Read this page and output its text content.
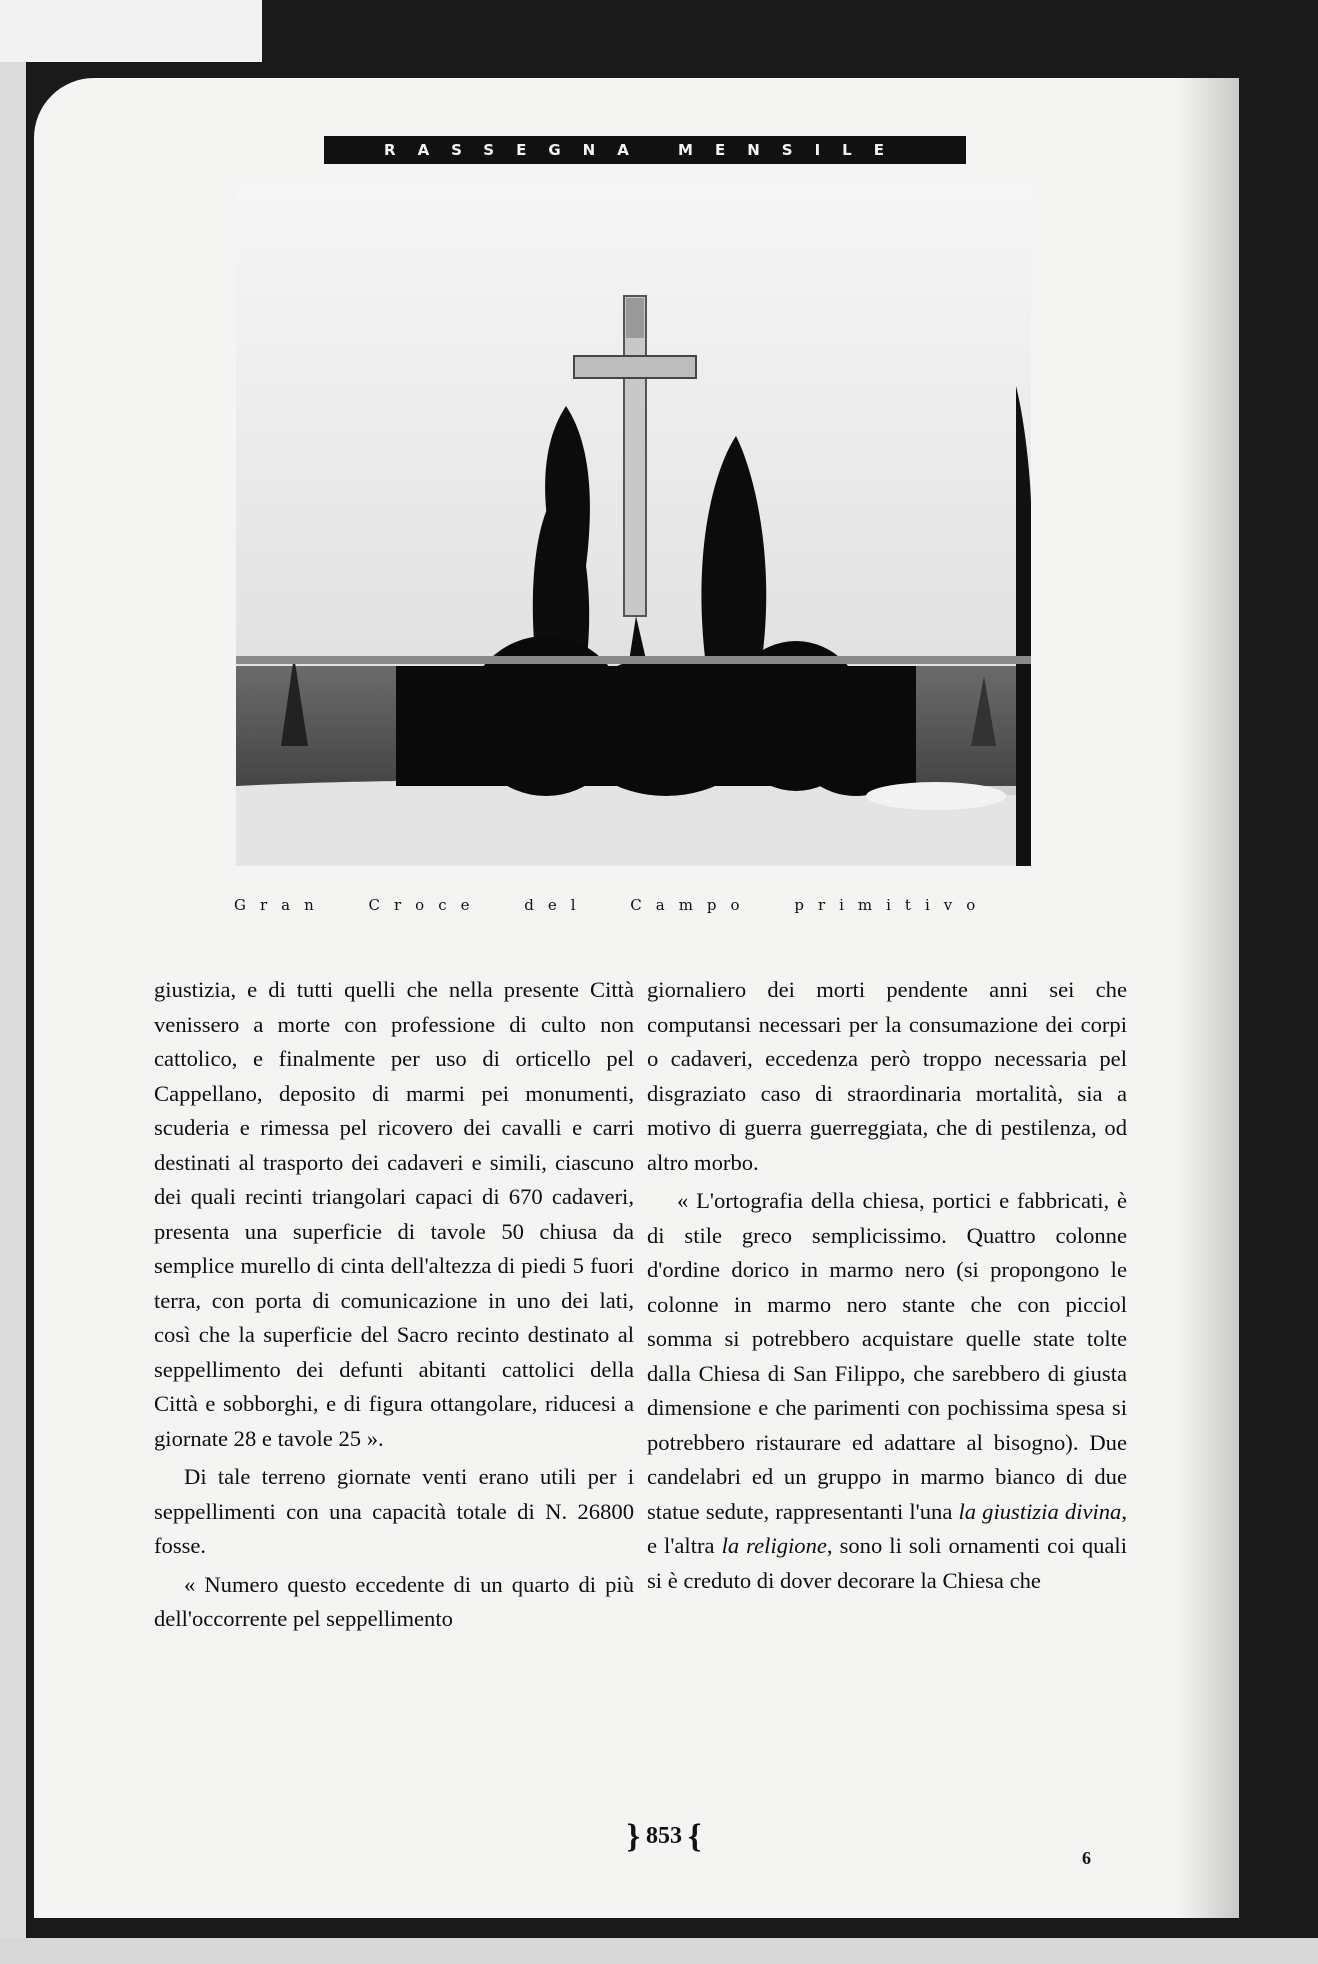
RASSEGNA MENSILE
Gran Croce del Campo primitivo

giustizia, e di tutti quelli che nella presente Città venissero a morte con professione di culto non cattolico, e finalmente per uso di orticello pel Cappellano, deposito di marmi pei monumenti, scuderia e rimessa pel ricovero dei cavalli e carri destinati al trasporto dei cadaveri e simili, ciascuno dei quali recinti triangolari capaci di 670 cadaveri, presenta una superficie di tavole 50 chiusa da semplice murello di cinta dell'altezza di piedi 5 fuori terra, con porta di comunicazione in uno dei lati, così che la superficie del Sacro recinto destinato al seppellimento dei defunti abitanti cattolici della Città e sobborghi, e di figura ottangolare, riducesi a giornate 28 e tavole 25 ».

Di tale terreno giornate venti erano utili per i seppellimenti con una capacità totale di N. 26800 fosse.

« Numero questo eccedente di un quarto di più dell'occorrente pel seppellimento

giornaliero dei morti pendente anni sei che computansi necessari per la consumazione dei corpi o cadaveri, eccedenza però troppo necessaria pel disgraziato caso di straordinaria mortalità, sia a motivo di guerra guerreggiata, che di pestilenza, od altro morbo.

« L'ortografia della chiesa, portici e fabbricati, è di stile greco semplicissimo. Quattro colonne d'ordine dorico in marmo nero (si propongono le colonne in marmo nero stante che con picciol somma si potrebbero acquistare quelle state tolte dalla Chiesa di San Filippo, che sarebbero di giusta dimensione e che parimenti con pochissima spesa si potrebbero ristaurare ed adattare al bisogno). Due candelabri ed un gruppo in marmo bianco di due statue sedute, rappresentanti l'una la giustizia divina, e l'altra la religione, sono li soli ornamenti coi quali si è creduto di dover decorare la Chiesa che

} 853 {
6
